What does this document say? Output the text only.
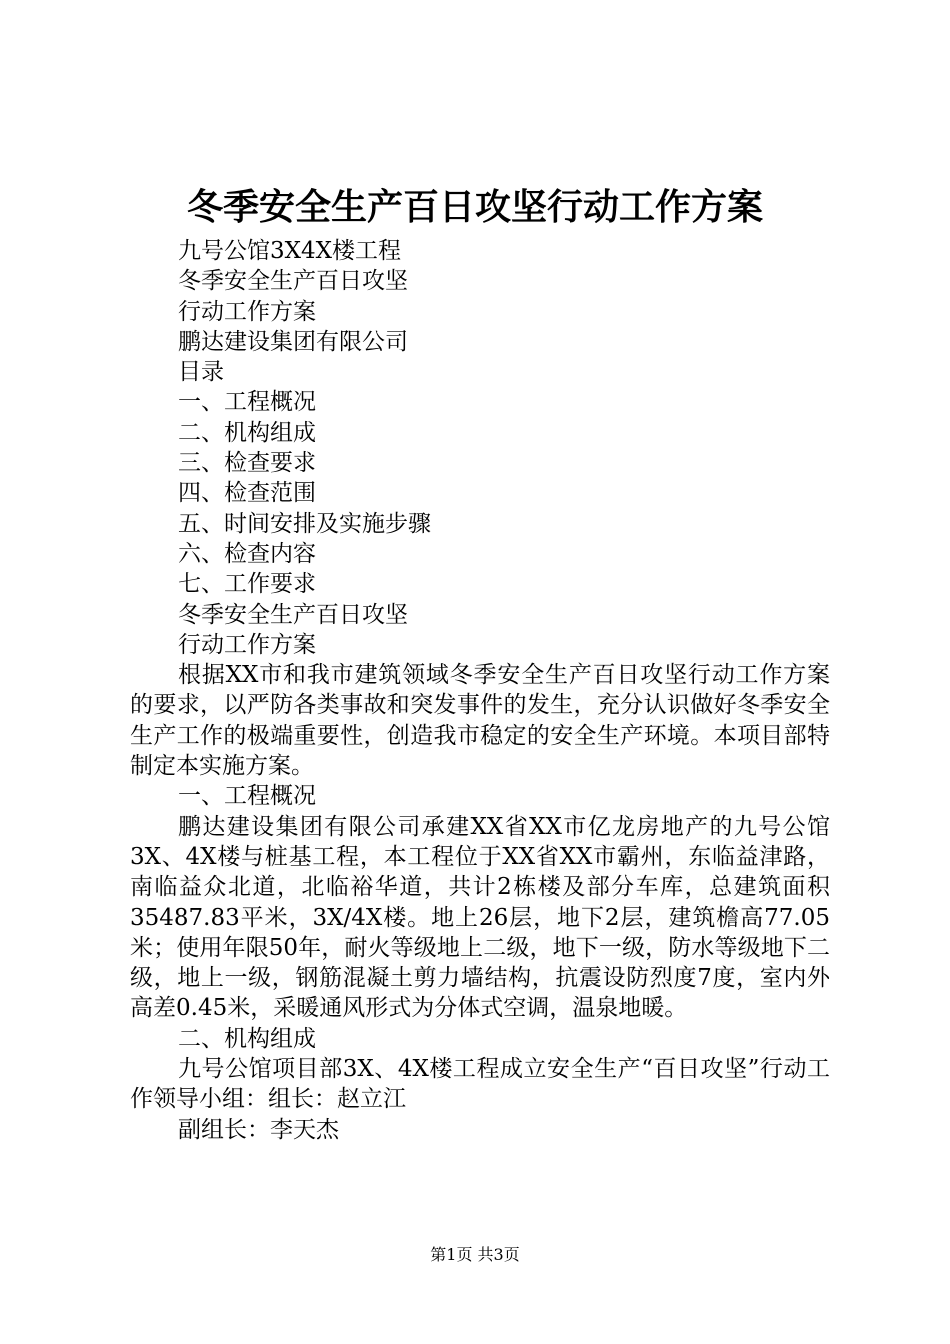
冬季安全生产百日攻坚行动工作方案
九号公馆3X4X楼工程
冬季安全生产百日攻坚
行动工作方案
鹏达建设集团有限公司
目录
一、工程概况
二、机构组成
三、检查要求
四、检查范围
五、时间安排及实施步骤
六、检查内容
七、工作要求
冬季安全生产百日攻坚
行动工作方案

根据XX市和我市建筑领域冬季安全生产百日攻坚行动工作方案的要求，以严防各类事故和突发事件的发生，充分认识做好冬季安全生产工作的极端重要性，创造我市稳定的安全生产环境。本项目部特制定本实施方案。

一、工程概况

鹏达建设集团有限公司承建XX省XX市亿龙房地产的九号公馆3X、4X楼与桩基工程，本工程位于XX省XX市霸州，东临益津路，南临益众北道，北临裕华道，共计2栋楼及部分车库，总建筑面积35487.83平米，3X/4X楼。地上26层，地下2层，建筑檐高77.05米；使用年限50年，耐火等级地上二级，地下一级，防水等级地下二级，地上一级，钢筋混凝土剪力墙结构，抗震设防烈度7度，室内外高差0.45米，采暖通风形式为分体式空调，温泉地暖。

二、机构组成

九号公馆项目部3X、4X楼工程成立安全生产“百日攻坚”行动工作领导小组：组长：赵立江

副组长：李天杰
第1页 共3页
